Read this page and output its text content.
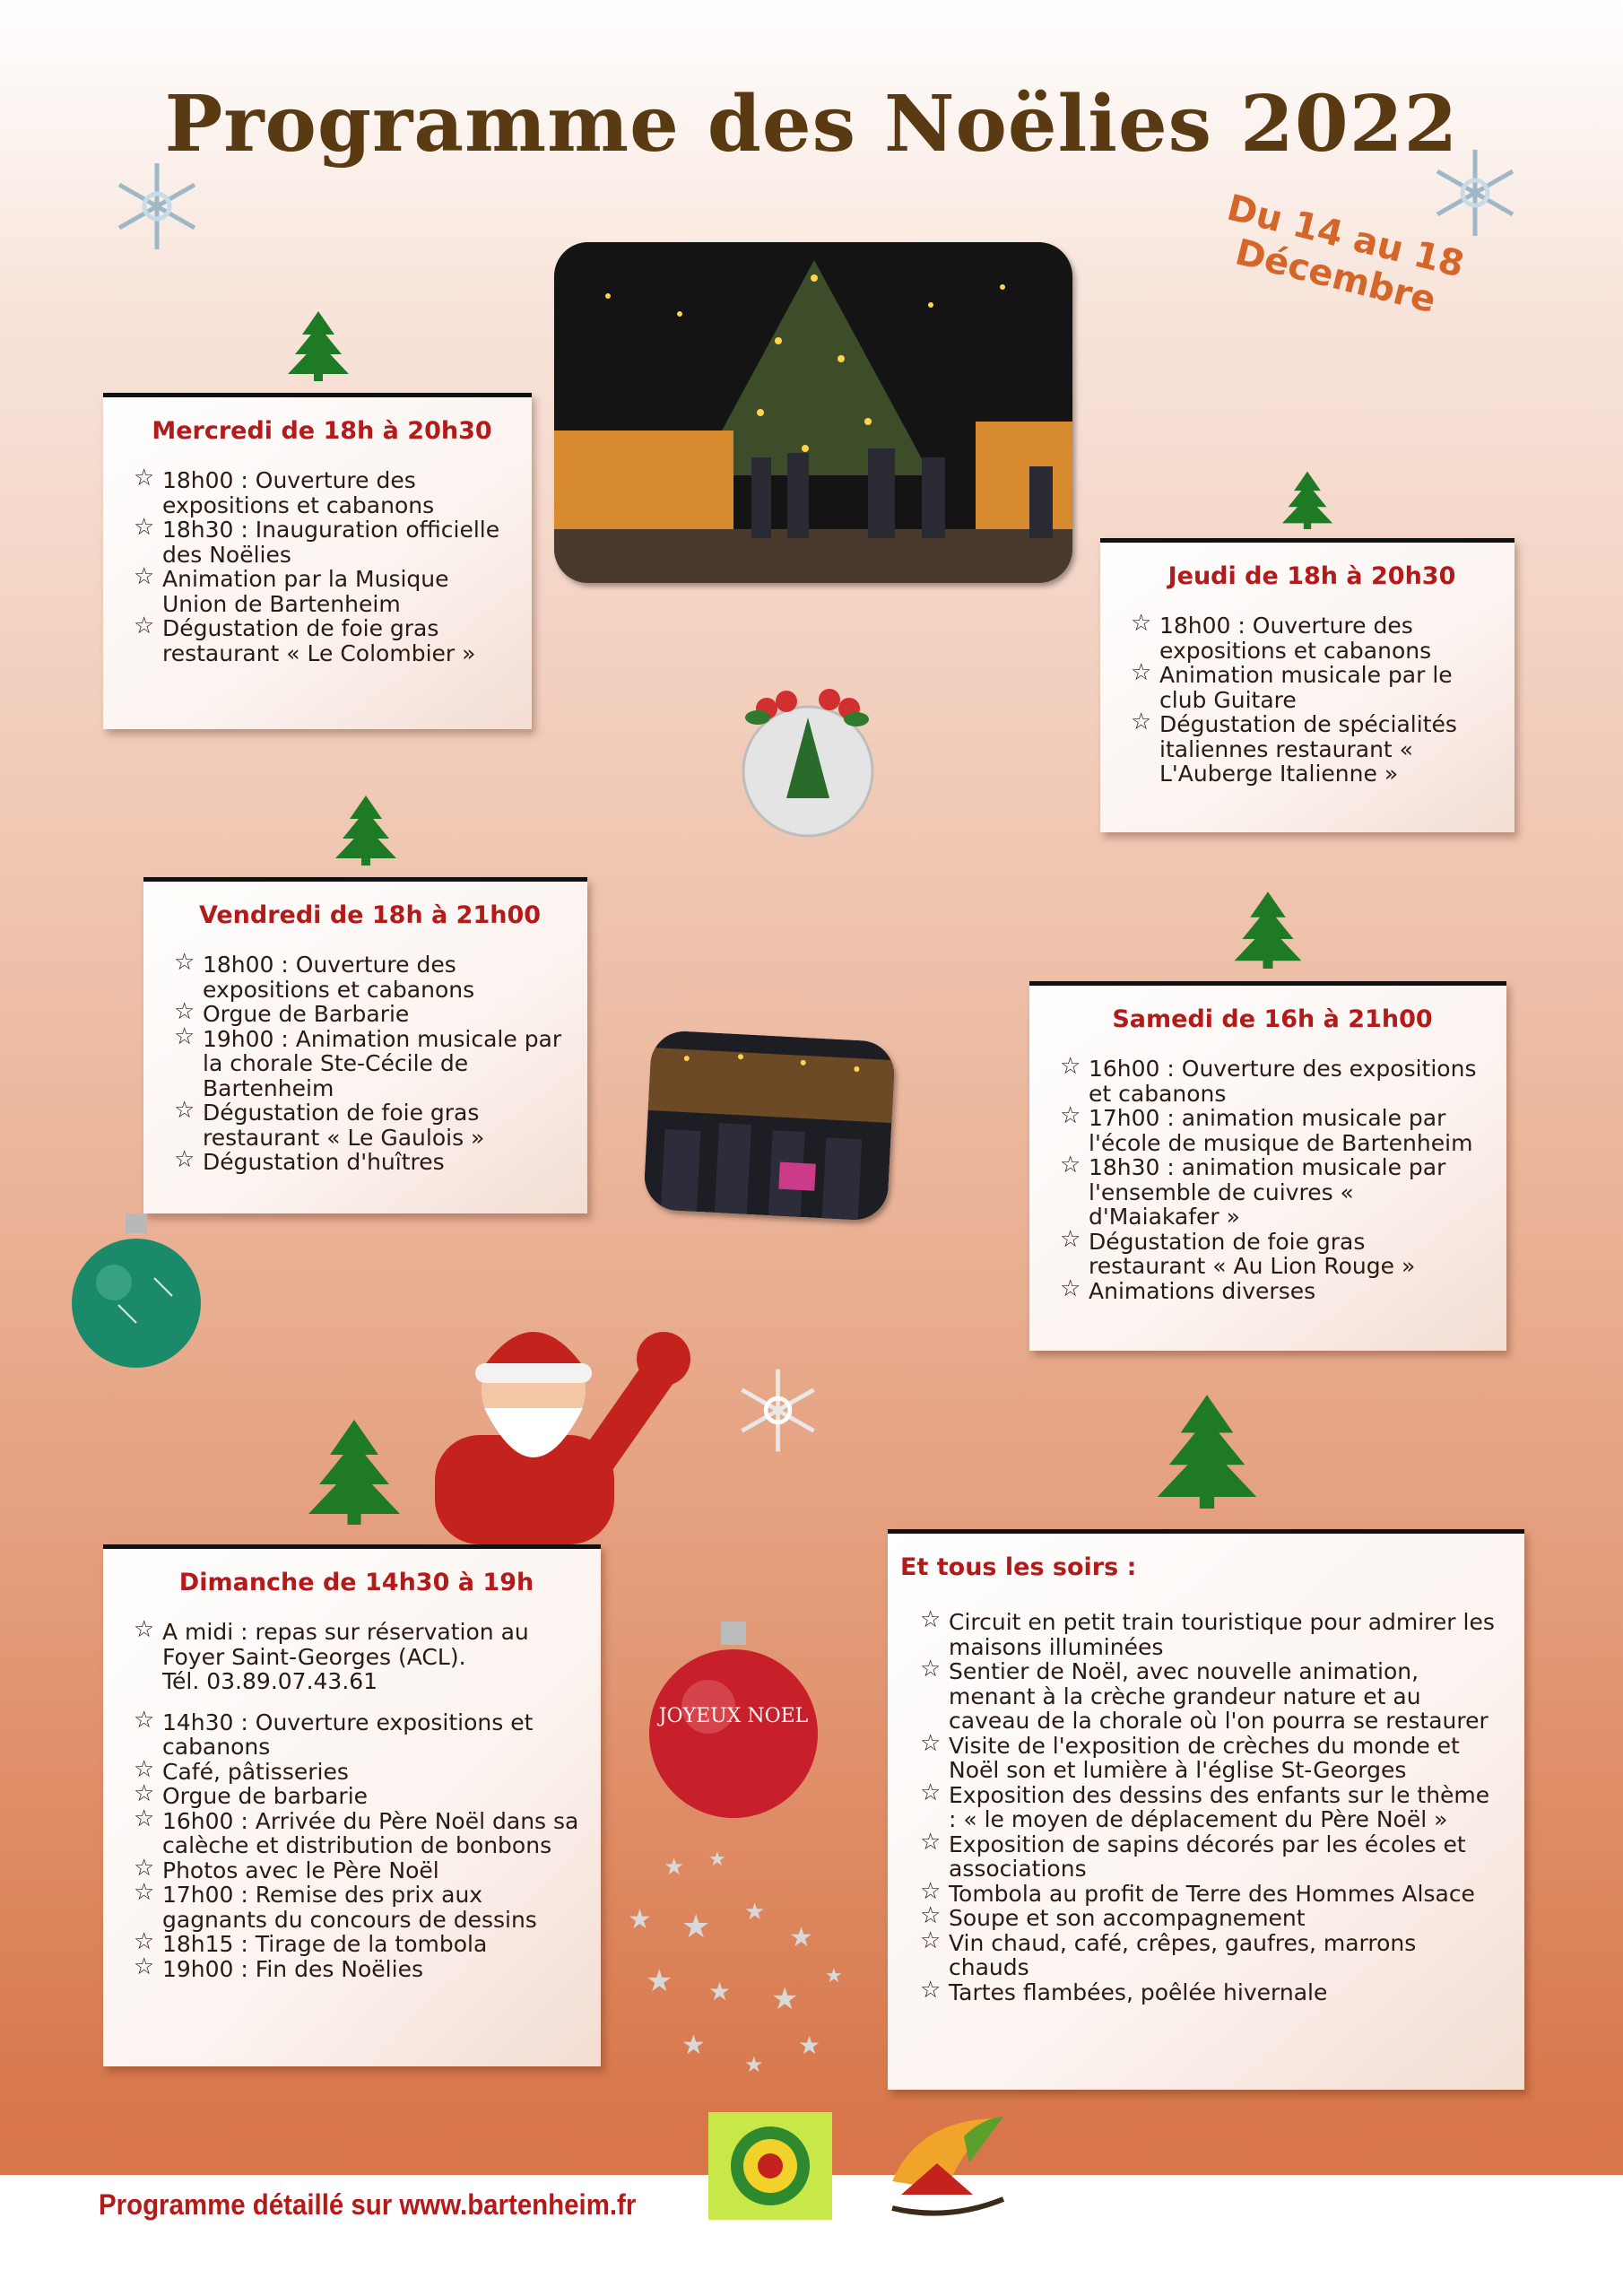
Programme des Noëlies 2022
Du 14 au 18 Décembre
Mercredi de 18h à 20h30
☆ 18h00 : Ouverture des expositions et cabanons
☆ 18h30 : Inauguration officielle des Noëlies
☆ Animation par la Musique Union de Bartenheim
☆ Dégustation de foie gras restaurant « Le Colombier »
Jeudi de 18h à 20h30
☆ 18h00 : Ouverture des expositions et cabanons
☆ Animation musicale par le club Guitare
☆ Dégustation de spécialités italiennes restaurant « L'Auberge Italienne »
Vendredi de 18h à 21h00
☆ 18h00 : Ouverture des expositions et cabanons
☆ Orgue de Barbarie
☆ 19h00 : Animation musicale par la chorale Ste-Cécile de Bartenheim
☆ Dégustation de foie gras restaurant « Le Gaulois »
☆ Dégustation d'huîtres
Samedi de 16h à 21h00
☆ 16h00 : Ouverture des expositions et cabanons
☆ 17h00 : animation musicale par l'école de musique de Bartenheim
☆ 18h30 : animation musicale par l'ensemble de cuivres « d'Maiakafer »
☆ Dégustation de foie gras restaurant « Au Lion Rouge »
☆ Animations diverses
JOYEUX NOEL
Dimanche de 14h30 à 19h
☆ A midi : repas sur réservation au Foyer Saint-Georges (ACL).
Tél. 03.89.07.43.61
☆ 14h30 : Ouverture expositions et cabanons
☆ Café, pâtisseries
☆ Orgue de barbarie
☆ 16h00 : Arrivée du Père Noël dans sa calèche et distribution de bonbons
☆ Photos avec le Père Noël
☆ 17h00 : Remise des prix aux gagnants du concours de dessins
☆ 18h15 : Tirage de la tombola
☆ 19h00 : Fin des Noëlies
★ ★
★ ★ ★
★
★ ★ ★
★
★
★
★
Et tous les soirs :
☆ Circuit en petit train touristique pour admirer les maisons illuminées
☆ Sentier de Noël, avec nouvelle animation, menant à la crèche grandeur nature et au caveau de la chorale où l'on pourra se restaurer
☆ Visite de l'exposition de crèches du monde et Noël son et lumière à l'église St-Georges
☆ Exposition des dessins des enfants sur le thème : « le moyen de déplacement du Père Noël »
☆ Exposition de sapins décorés par les écoles et associations
☆ Tombola au profit de Terre des Hommes Alsace
☆ Soupe et son accompagnement
☆ Vin chaud, café, crêpes, gaufres, marrons chauds
☆ Tartes flambées, poêlée hivernale

Programme détaillé sur www.bartenheim.fr
